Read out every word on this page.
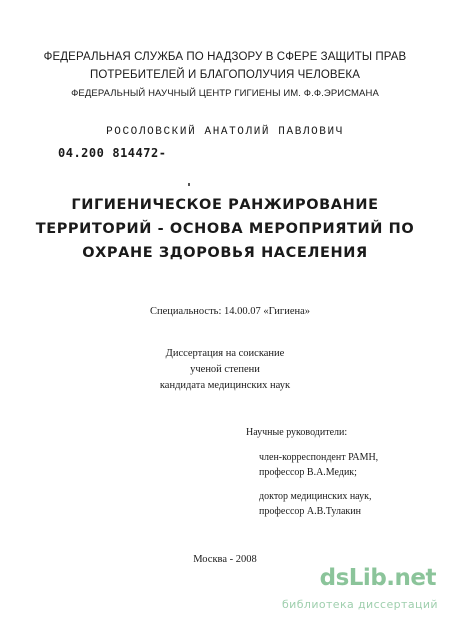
ФЕДЕРАЛЬНАЯ СЛУЖБА ПО НАДЗОРУ В СФЕРЕ ЗАЩИТЫ ПРАВ
ПОТРЕБИТЕЛЕЙ И БЛАГОПОЛУЧИЯ ЧЕЛОВЕКА
ФЕДЕРАЛЬНЫЙ НАУЧНЫЙ ЦЕНТР ГИГИЕНЫ ИМ. Ф.Ф.ЭРИСМАНА
РОСОЛОВСКИЙ АНАТОЛИЙ ПАВЛОВИЧ
04.200 814472-
ГИГИЕНИЧЕСКОЕ РАНЖИРОВАНИЕ
ТЕРРИТОРИЙ - ОСНОВА МЕРОПРИЯТИЙ ПО
ОХРАНЕ ЗДОРОВЬЯ НАСЕЛЕНИЯ
Специальность: 14.00.07 «Гигиена»
Диссертация на соискание
ученой степени
кандидата медицинских наук
Научные руководители:
член-корреспондент РАМН,
профессор В.А.Медик;
доктор медицинских наук,
профессор А.В.Тулакин
Москва - 2008
dsLib.net
библиотека диссертаций
